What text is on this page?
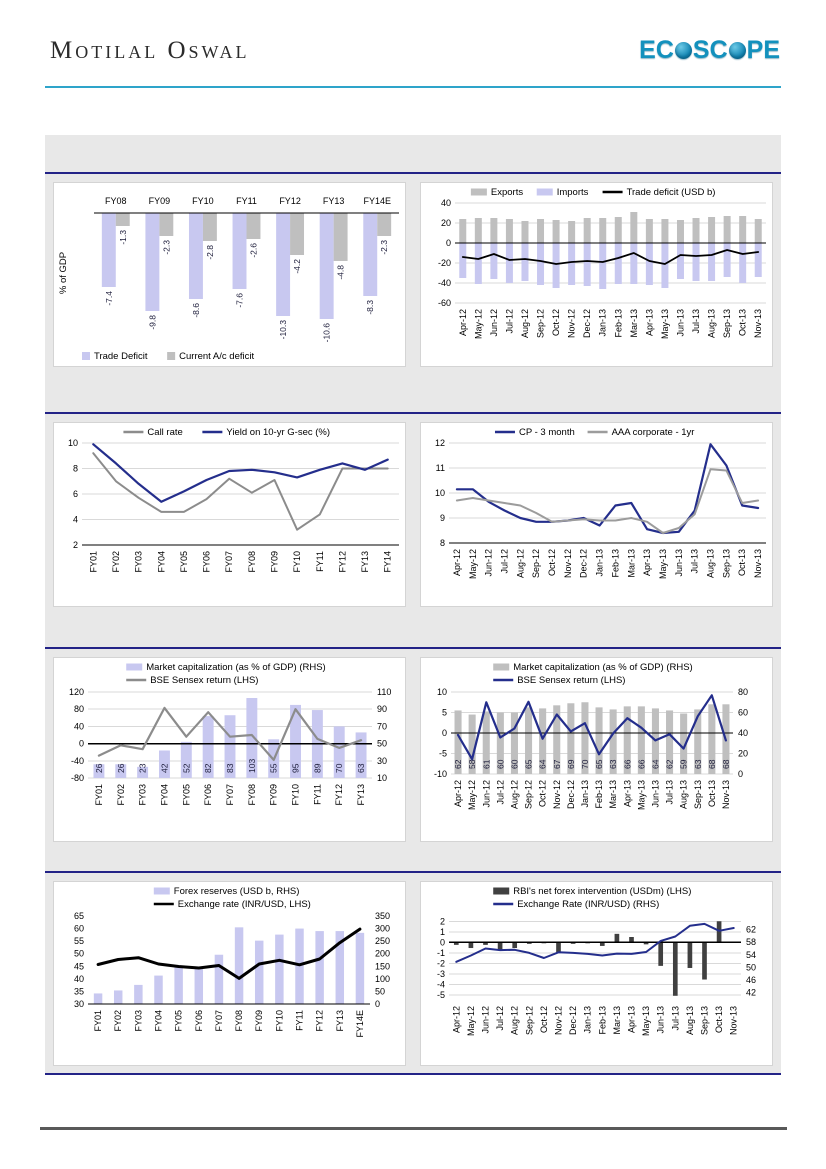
Motilal Oswal	EC SC PE
-7.4
-9.8
-8.6
-7.6
-10.3	-10.6
-8.3
-1.3
-2.3	-2.8	-2.6
-4.2	-4.8
-2.3
FY08 FY09 FY10 FY11 FY12 FY13 FY14E
% of GDP
Trade Deficit	Current A/c deficit
40
20
0
-20
-40
-60
Apr-12 May-12 Jun-12 Jul-12 Aug-12 Sep-12 Oct-12 Nov-12 Dec-12 Jan-13 Feb-13 Mar-13 Apr-13 May-13 Jun-13 Jul-13 Aug-13 Sep-13 Oct-13 Nov-13
Exports	Imports	Trade deficit (USD b)
10
8
6
4
2
FY01 FY02 FY03 FY04 FY05 FY06 FY07 FY08 FY09 FY10 FY11 FY12 FY13 FY14
Call rate	Yield on 10-yr G-sec (%)
12
11
10
9
8
Apr-12 May-12 Jun-12 Jul-12 Aug-12 Sep-12 Oct-12 Nov-12 Dec-12 Jan-13 Feb-13 Mar-13 Apr-13 May-13 Jun-13 Jul-13 Aug-13 Sep-13 Oct-13 Nov-13
CP - 3 month	AAA corporate - 1yr
120
80
40
0
-40
-80
110
90
70
50
30
10
26 26 23 42 52 82 83 103 55 95 89 70 63
FY01 FY02 FY03 FY04 FY05 FY06 FY07 FY08 FY09 FY10 FY11 FY12 FY13
Market capitalization (as % of GDP) (RHS)
BSE Sensex return (LHS)
10
5
0
-5
-10
80
60
40
20
0
62 58 61 60 60 65 64 67 69 70 65 63 66 66 64 62 59 63 68 68
Apr-12 May-12 Jun-12 Jul-12 Aug-12 Sep-12 Oct-12 Nov-12 Dec-12 Jan-13 Feb-13 Mar-13 Apr-13 May-13 Jun-13 Jul-13 Aug-13 Sep-13 Oct-13 Nov-13
Market capitalization (as % of GDP) (RHS)
BSE Sensex return (LHS)
65
60
55
50
45
40
35
30
350
300
250
200
150
100
50
0
FY01 FY02 FY03 FY04 FY05 FY06 FY07 FY08 FY09 FY10 FY11 FY12 FY13 FY14E
Forex reserves (USD b, RHS)
Exchange rate (INR/USD, LHS)
2
1
0
-1
-2
-3
-4
-5
62
58
54
50
46
42
Apr-12 May-12 Jun-12 Jul-12 Aug-12 Sep-12 Oct-12 Nov-12 Dec-12 Jan-13 Feb-13 Mar-13 Apr-13 May-13 Jun-13 Jul-13 Aug-13 Sep-13 Oct-13 Nov-13
RBI's net forex intervention (USDm) (LHS)
Exchange Rate (INR/USD) (RHS)
